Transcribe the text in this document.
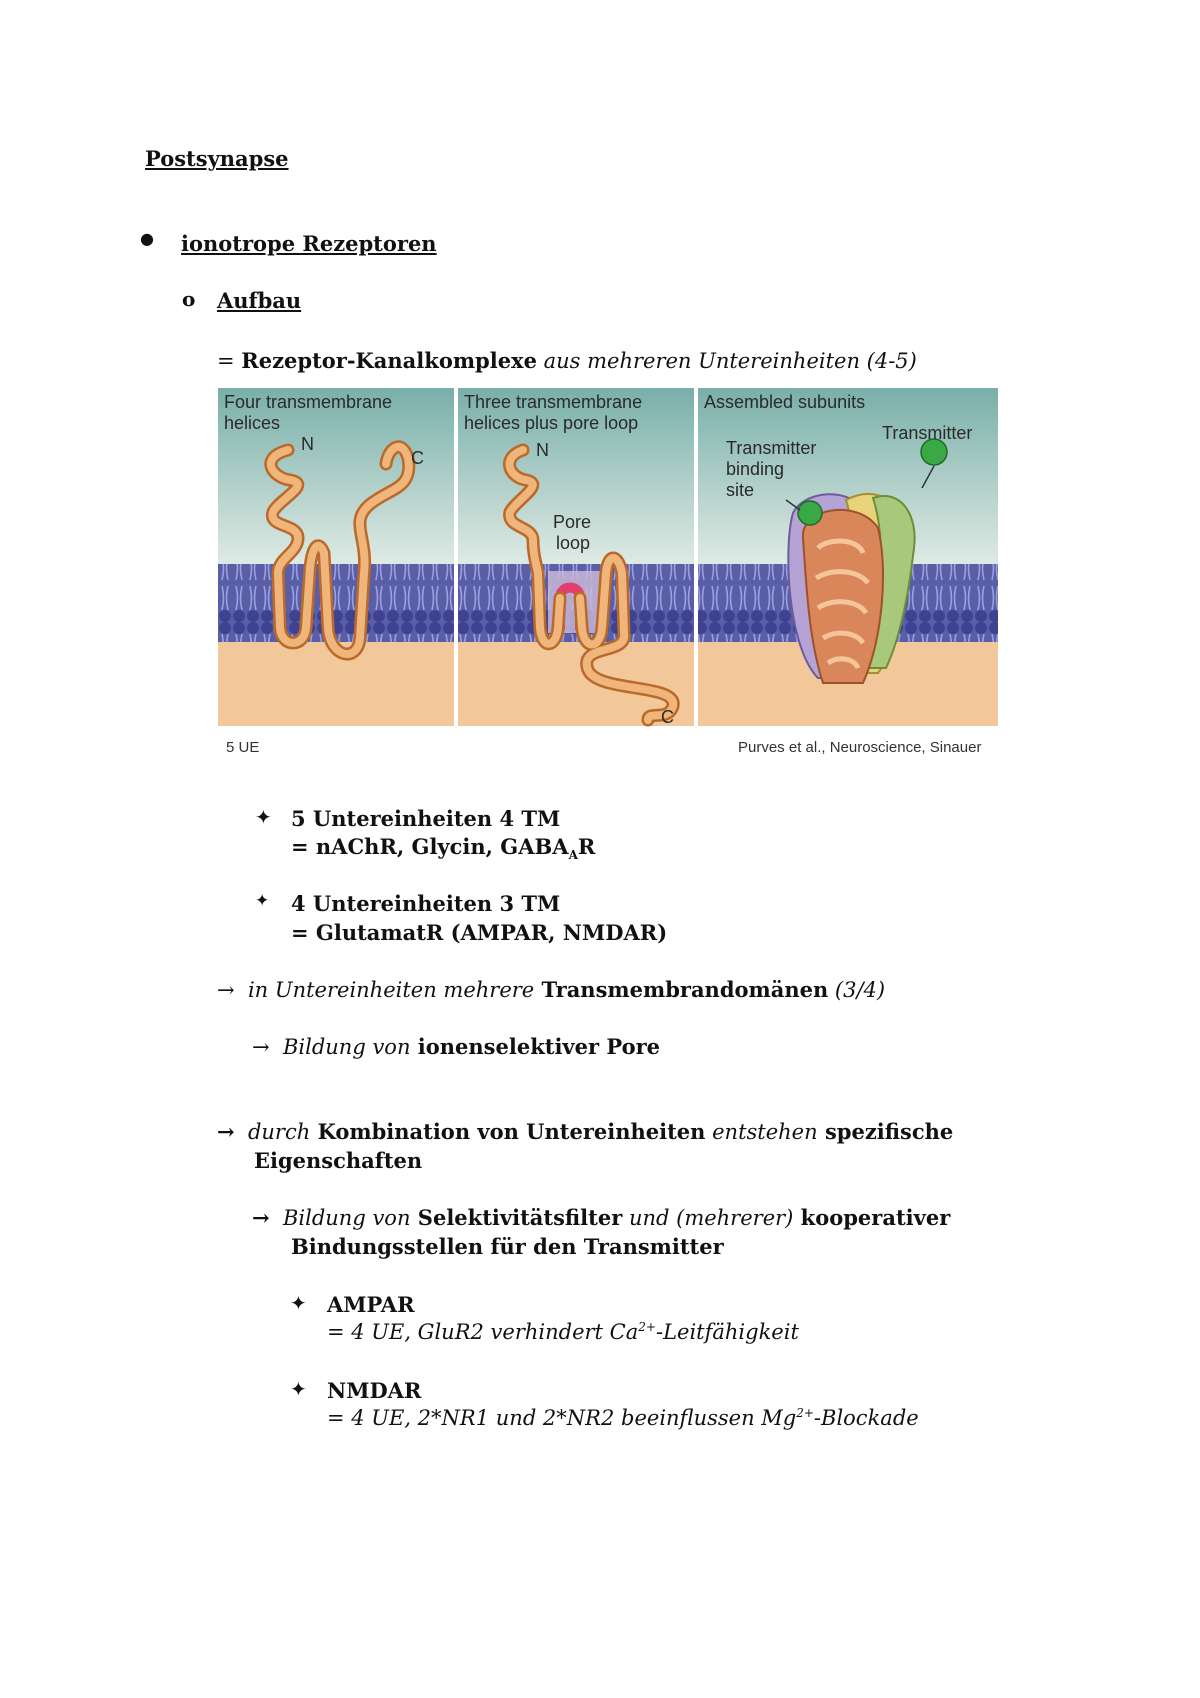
Postsynapse
● ionotrope Rezeptoren
o Aufbau
= Rezeptor-Kanalkomplexe aus mehreren Untereinheiten (4-5)
Four transmembrane
helices
N
C
Three transmembrane
helices plus pore loop
N
Pore
loop
C
Assembled subunits
Transmitter
binding
site
Transmitter
5 UE	Purves et al., Neuroscience, Sinauer
✦ 5 Untereinheiten 4 TM
= nAChR, Glycin, $GABA_AR$
✦ 4 Untereinheiten 3 TM
= GlutamatR (AMPAR, NMDAR)
→ in Untereinheiten mehrere Transmembrandomänen (3/4)
→ Bildung von ionenselektiver Pore
→ durch Kombination von Untereinheiten entstehen spezifische
Eigenschaften
→ Bildung von Selektivitätsfilter und (mehrerer) kooperativer
Bindungsstellen für den Transmitter
✦ AMPAR
= 4 UE, GluR2 verhindert $Ca^{2+}$-Leitfähigkeit
✦ NMDAR
= 4 UE, 2*NR1 und 2*NR2 beeinflussen $Mg^{2+}$-Blockade
